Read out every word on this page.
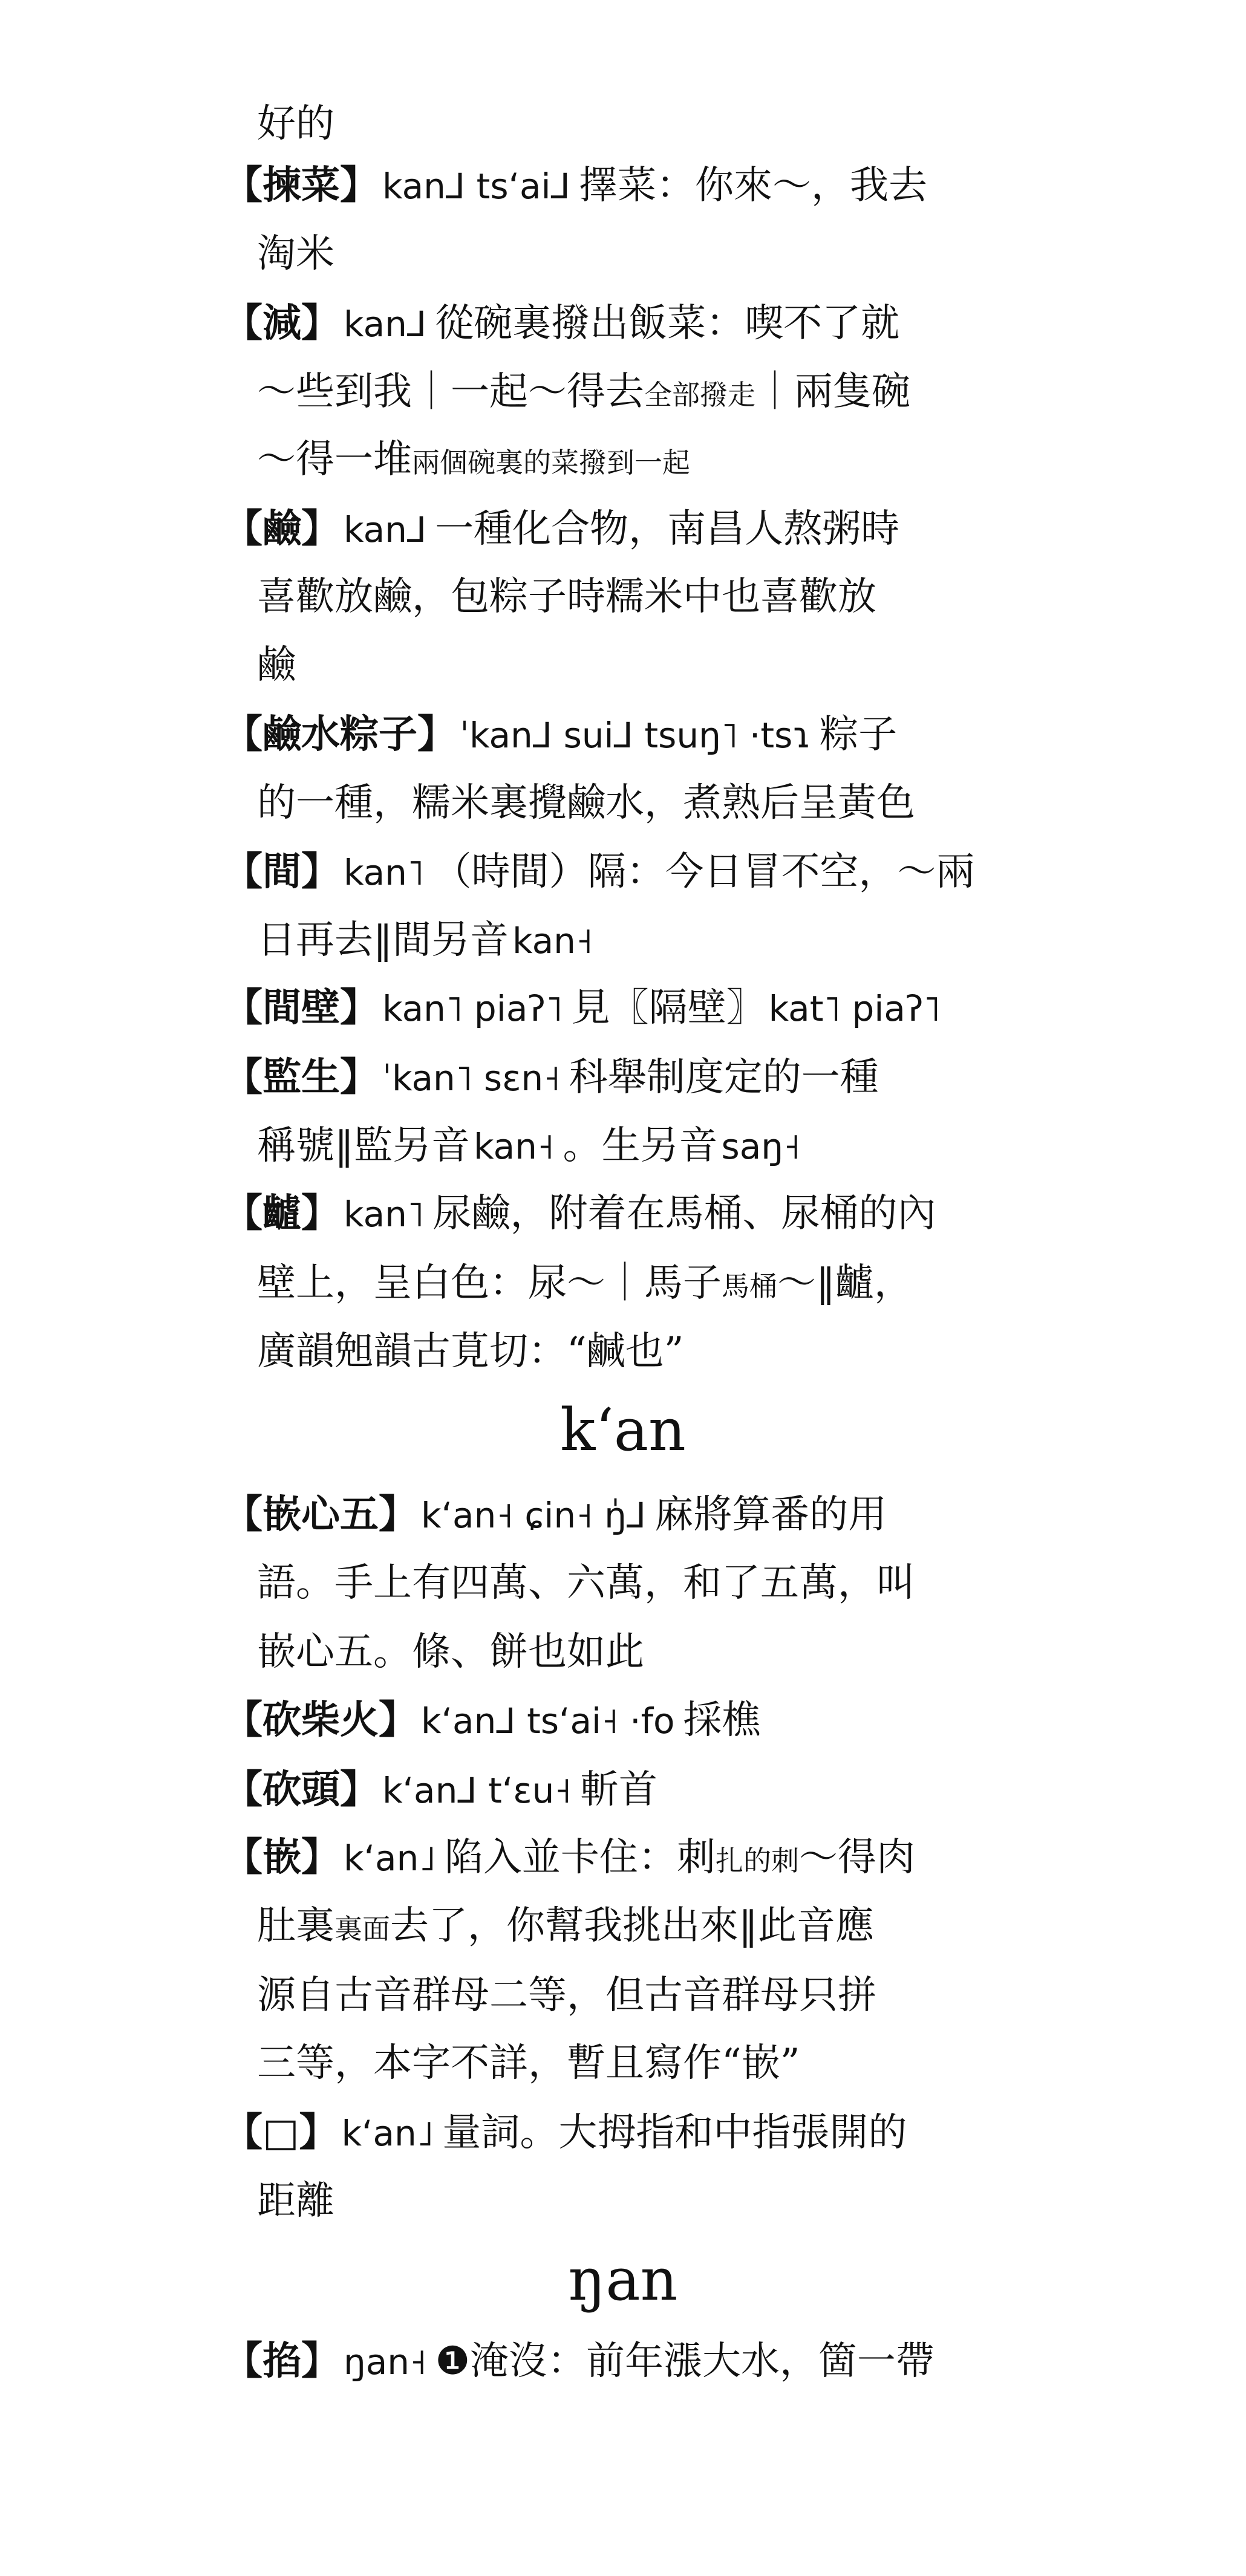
好的
【揀菜】 kan⅃ ts‘ai⅃ 擇菜：你來～，我去
淘米
【減】 kan⅃ 從碗裏撥出飯菜：喫不了就
～些到我｜一起～得去全部撥走｜兩隻碗
～得一堆兩個碗裏的菜撥到一起
【鹼】 kan⅃ 一種化合物，南昌人熬粥時
喜歡放鹼，包粽子時糯米中也喜歡放
鹼
【鹼水粽子】 ˈkan⅃ sui⅃ tsuŋ˥ ·tsɿ 粽子
的一種，糯米裏攪鹼水，煮熟后呈黃色
【間】 kan˥ （時間）隔：今日冒不空，～兩
日再去‖間另音 kan˧
【間壁】 kan˥ piaʔ˥ 見〖隔壁〗 kat˥ piaʔ˥
【監生】 ˈkan˥ sɛn˧ 科舉制度定的一種
稱號‖監另音 kan˧ 。生另音 saŋ˧
【䶥】 kan˥ 尿鹼，附着在馬桶、尿桶的內
壁上，呈白色：尿～｜馬子馬桶～‖䶥，
廣韻𣆶韻古莧切：“鹹也”
k‘an
【嵌心五】 k‘an˧ ɕin˧ ŋ̍⅃ 麻將算番的用
語。手上有四萬、六萬，和了五萬，叫
嵌心五。條、餅也如此
【砍柴火】 k‘an⅃ ts‘ai˧ ·fo 採樵
【砍頭】 k‘an⅃ t‘ɛu˧ 斬首
【嵌】 k‘an˩ 陷入並卡住：刺扎的刺～得肉
肚裏裏面去了，你幫我挑出來‖此音應
源自古音群母二等，但古音群母只拼
三等，本字不詳，暫且寫作“嵌”
【□】 k‘an˩ 量詞。大拇指和中指張開的
距離
ŋan
【掐】 ŋan˧ ❶淹沒：前年漲大水，箇一帶
